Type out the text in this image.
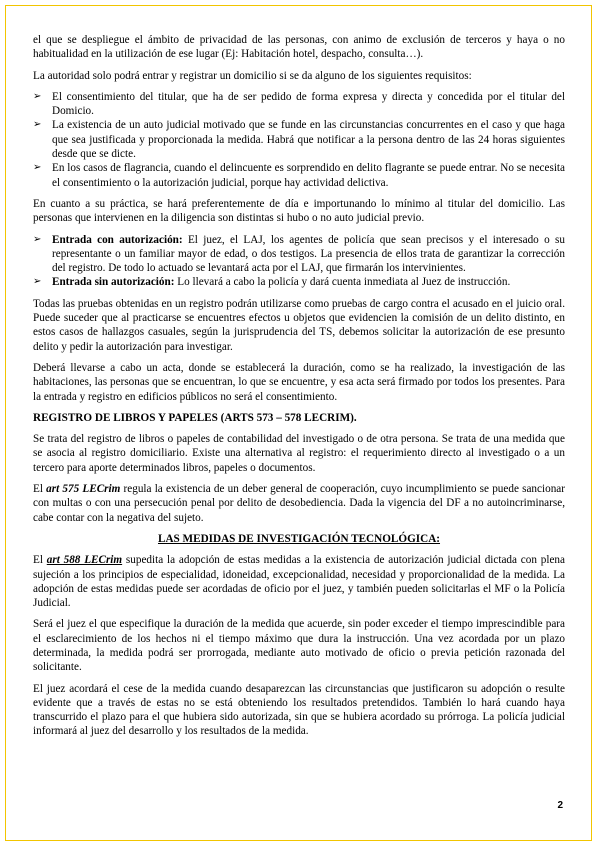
el que se despliegue el ámbito de privacidad de las personas, con animo de exclusión de terceros y haya o no habitualidad en la utilización de ese lugar (Ej: Habitación hotel, despacho, consulta…).

La autoridad solo podrá entrar y registrar un domicilio si se da alguno de los siguientes requisitos:

➢ El consentimiento del titular, que ha de ser pedido de forma expresa y directa y concedida por el titular del Domicio.
➢ La existencia de un auto judicial motivado que se funde en las circunstancias concurrentes en el caso y que haga que sea justificada y proporcionada la medida. Habrá que notificar a la persona dentro de las 24 horas siguientes desde que se dicte.
➢ En los casos de flagrancia, cuando el delincuente es sorprendido en delito flagrante se puede entrar. No se necesita el consentimiento o la autorización judicial, porque hay actividad delictiva.

En cuanto a su práctica, se hará preferentemente de día e importunando lo mínimo al titular del domicilio. Las personas que intervienen en la diligencia son distintas si hubo o no auto judicial previo.

➢ Entrada con autorización: El juez, el LAJ, los agentes de policía que sean precisos y el interesado o su representante o un familiar mayor de edad, o dos testigos. La presencia de ellos trata de garantizar la corrección del registro. De todo lo actuado se levantará acta por el LAJ, que firmarán los intervinientes.
➢ Entrada sin autorización: Lo llevará a cabo la policía y dará cuenta inmediata al Juez de instrucción.

Todas las pruebas obtenidas en un registro podrán utilizarse como pruebas de cargo contra el acusado en el juicio oral. Puede suceder que al practicarse se encuentres efectos u objetos que evidencien la comisión de un delito distinto, en estos casos de hallazgos casuales, según la jurisprudencia del TS, debemos solicitar la autorización de ese presunto delito y pedir la autorización para investigar.

Deberá llevarse a cabo un acta, donde se establecerá la duración, como se ha realizado, la investigación de las habitaciones, las personas que se encuentran, lo que se encuentre, y esa acta será firmado por todos los presentes. Para la entrada y registro en edificios públicos no será el consentimiento.

REGISTRO DE LIBROS Y PAPELES (ARTS 573 – 578 LECRIM).

Se trata del registro de libros o papeles de contabilidad del investigado o de otra persona. Se trata de una medida que se asocia al registro domiciliario. Existe una alternativa al registro: el requerimiento directo al investigado o a un tercero para aporte determinados libros, papeles o documentos.

El art 575 LECrim regula la existencia de un deber general de cooperación, cuyo incumplimiento se puede sancionar con multas o con una persecución penal por delito de desobediencia. Dada la vigencia del DF a no autoincriminarse, cabe contar con la negativa del sujeto.

LAS MEDIDAS DE INVESTIGACIÓN TECNOLÓGICA:

El art 588 LECrim supedita la adopción de estas medidas a la existencia de autorización judicial dictada con plena sujeción a los principios de especialidad, idoneidad, excepcionalidad, necesidad y proporcionalidad de la medida. La adopción de estas medidas puede ser acordadas de oficio por el juez, y también pueden solicitarlas el MF o la Policía Judicial.

Será el juez el que especifique la duración de la medida que acuerde, sin poder exceder el tiempo imprescindible para el esclarecimiento de los hechos ni el tiempo máximo que dura la instrucción. Una vez acordada por un plazo determinada, la medida podrá ser prorrogada, mediante auto motivado de oficio o previa petición razonada del solicitante.

El juez acordará el cese de la medida cuando desaparezcan las circunstancias que justificaron su adopción o resulte evidente que a través de estas no se está obteniendo los resultados pretendidos. También lo hará cuando haya transcurrido el plazo para el que hubiera sido autorizada, sin que se hubiera acordado su prórroga. La policía judicial informará al juez del desarrollo y los resultados de la medida.

2
